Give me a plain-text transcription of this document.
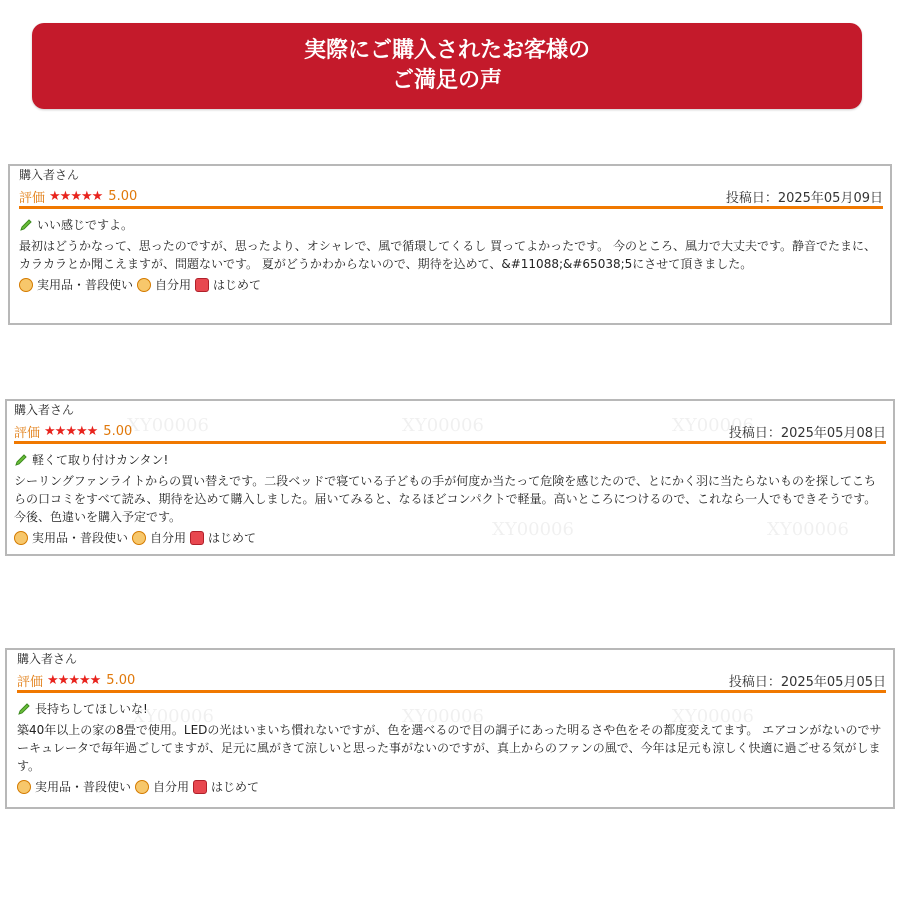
実際にご購入されたお客様の
ご満足の声
購入者さん
評価 ★★★★★ 5.00	投稿日：2025年05月09日
いい感じですよ。
最初はどうかなって、思ったのですが、思ったより、オシャレで、風で循環してくるし 買ってよかったです。 今のところ、風力で大丈夫です。静音でたまに、カラカラとか聞こえますが、問題ないです。 夏がどうかわからないので、期待を込めて、&#11088;&#65038;5にさせて頂きました。
実用品・普段使い 自分用 はじめて
XY00006	XY00006	XY00006
XY00006	XY00006
購入者さん
評価 ★★★★★ 5.00	投稿日：2025年05月08日
軽くて取り付けカンタン!
シーリングファンライトからの買い替えです。二段ベッドで寝ている子どもの手が何度か当たって危険を感じたので、とにかく羽に当たらないものを探してこちらの口コミをすべて読み、期待を込めて購入しました。届いてみると、なるほどコンパクトで軽量。高いところにつけるので、これなら一人でもできそうです。今後、色違いを購入予定です。
実用品・普段使い 自分用 はじめて
XY00006	XY00006	XY00006
購入者さん
評価 ★★★★★ 5.00	投稿日：2025年05月05日
長持ちしてほしいな!
築40年以上の家の8畳で使用。LEDの光はいまいち慣れないですが、色を選べるので目の調子にあった明るさや色をその都度変えてます。 エアコンがないのでサーキュレータで毎年過ごしてますが、足元に風がきて涼しいと思った事がないのですが、真上からのファンの風で、今年は足元も涼しく快適に過ごせる気がします。
実用品・普段使い 自分用 はじめて
